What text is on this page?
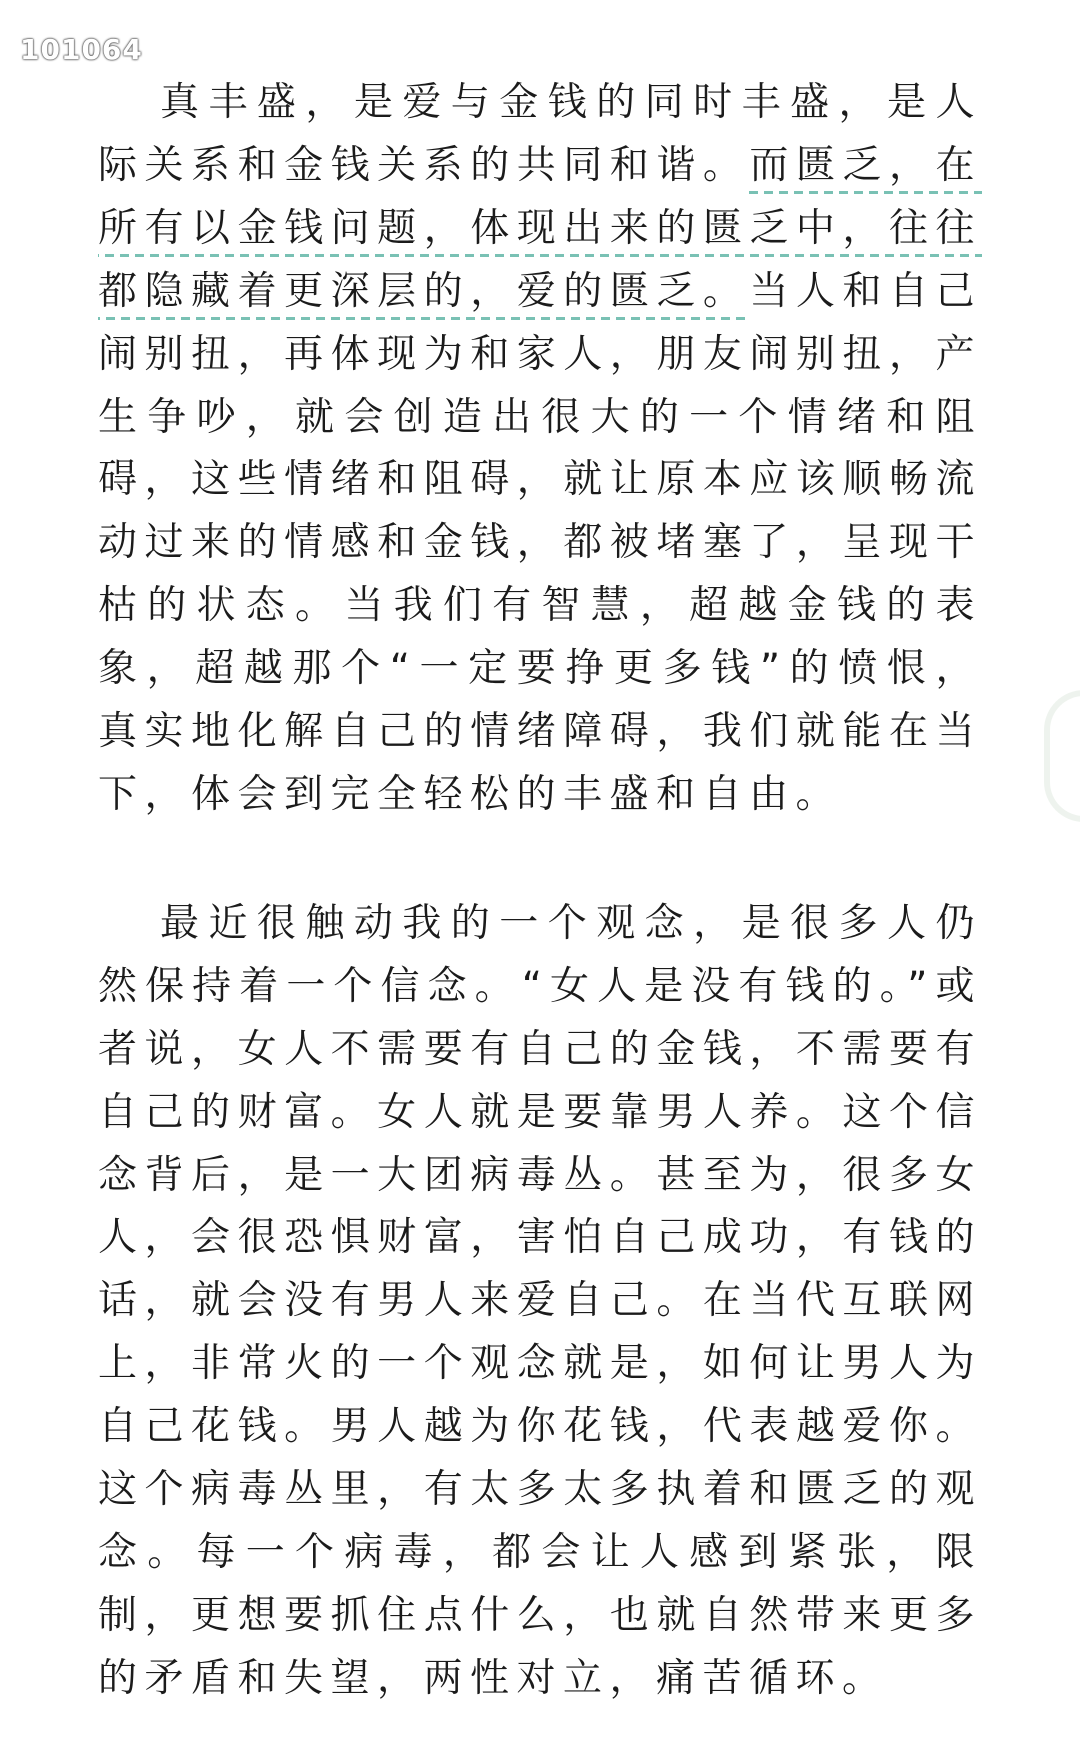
101064

真丰盛，是爱与金钱的同时丰盛，是人际关系和金钱关系的共同和谐。而匮乏，在所有以金钱问题，体现出来的匮乏中，往往都隐藏着更深层的，爱的匮乏。当人和自己闹别扭，再体现为和家人，朋友闹别扭，产生争吵，就会创造出很大的一个情绪和阻碍，这些情绪和阻碍，就让原本应该顺畅流动过来的情感和金钱，都被堵塞了，呈现干枯的状态。当我们有智慧，超越金钱的表象，超越那个“一定要挣更多钱”的愤恨，真实地化解自己的情绪障碍，我们就能在当下，体会到完全轻松的丰盛和自由。

最近很触动我的一个观念，是很多人仍然保持着一个信念。“女人是没有钱的。”或者说，女人不需要有自己的金钱，不需要有自己的财富。女人就是要靠男人养。这个信念背后，是一大团病毒丛。甚至为，很多女人，会很恐惧财富，害怕自己成功，有钱的话，就会没有男人来爱自己。在当代互联网上，非常火的一个观念就是，如何让男人为自己花钱。男人越为你花钱，代表越爱你。这个病毒丛里，有太多太多执着和匮乏的观念。每一个病毒，都会让人感到紧张，限制，更想要抓住点什么，也就自然带来更多的矛盾和失望，两性对立，痛苦循环。
